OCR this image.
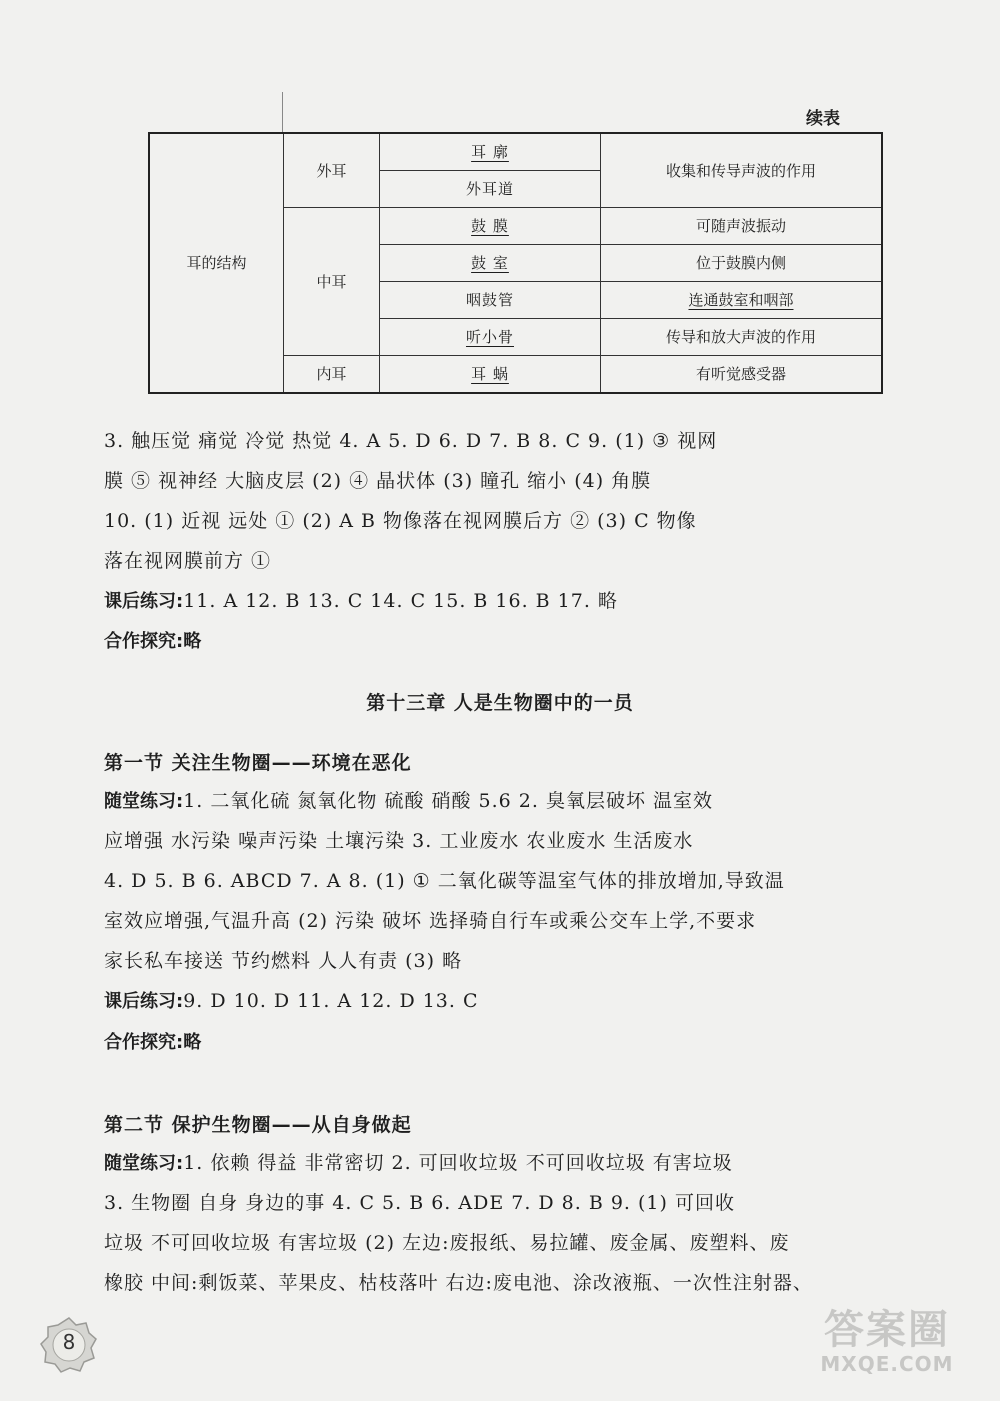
续表
耳的结构	外耳	耳 廓	收集和传导声波的作用
		外耳道	
	中耳	鼓 膜	可随声波振动
		鼓 室	位于鼓膜内侧
		咽鼓管	连通鼓室和咽部
		听小骨	传导和放大声波的作用
	内耳	耳 蜗	有听觉感受器
3. 触压觉 痛觉 冷觉 热觉 4. A 5. D 6. D 7. B 8. C 9. (1) ③ 视网
膜 ⑤ 视神经 大脑皮层 (2) ④ 晶状体 (3) 瞳孔 缩小 (4) 角膜
10. (1) 近视 远处 ① (2) A B 物像落在视网膜后方 ② (3) C 物像
落在视网膜前方 ①
课后练习:11. A 12. B 13. C 14. C 15. B 16. B 17. 略
合作探究:略
第十三章 人是生物圈中的一员
第一节 关注生物圈——环境在恶化
随堂练习:1. 二氧化硫 氮氧化物 硫酸 硝酸 5.6 2. 臭氧层破坏 温室效
应增强 水污染 噪声污染 土壤污染 3. 工业废水 农业废水 生活废水
4. D 5. B 6. ABCD 7. A 8. (1) ① 二氧化碳等温室气体的排放增加,导致温
室效应增强,气温升高 (2) 污染 破坏 选择骑自行车或乘公交车上学,不要求
家长私车接送 节约燃料 人人有责 (3) 略
课后练习:9. D 10. D 11. A 12. D 13. C
合作探究:略
第二节 保护生物圈——从自身做起
随堂练习:1. 依赖 得益 非常密切 2. 可回收垃圾 不可回收垃圾 有害垃圾
3. 生物圈 自身 身边的事 4. C 5. B 6. ADE 7. D 8. B 9. (1) 可回收
垃圾 不可回收垃圾 有害垃圾 (2) 左边:废报纸、易拉罐、废金属、废塑料、废
橡胶 中间:剩饭菜、苹果皮、枯枝落叶 右边:废电池、涂改液瓶、一次性注射器、
8	答案圈
MXQE.COM
